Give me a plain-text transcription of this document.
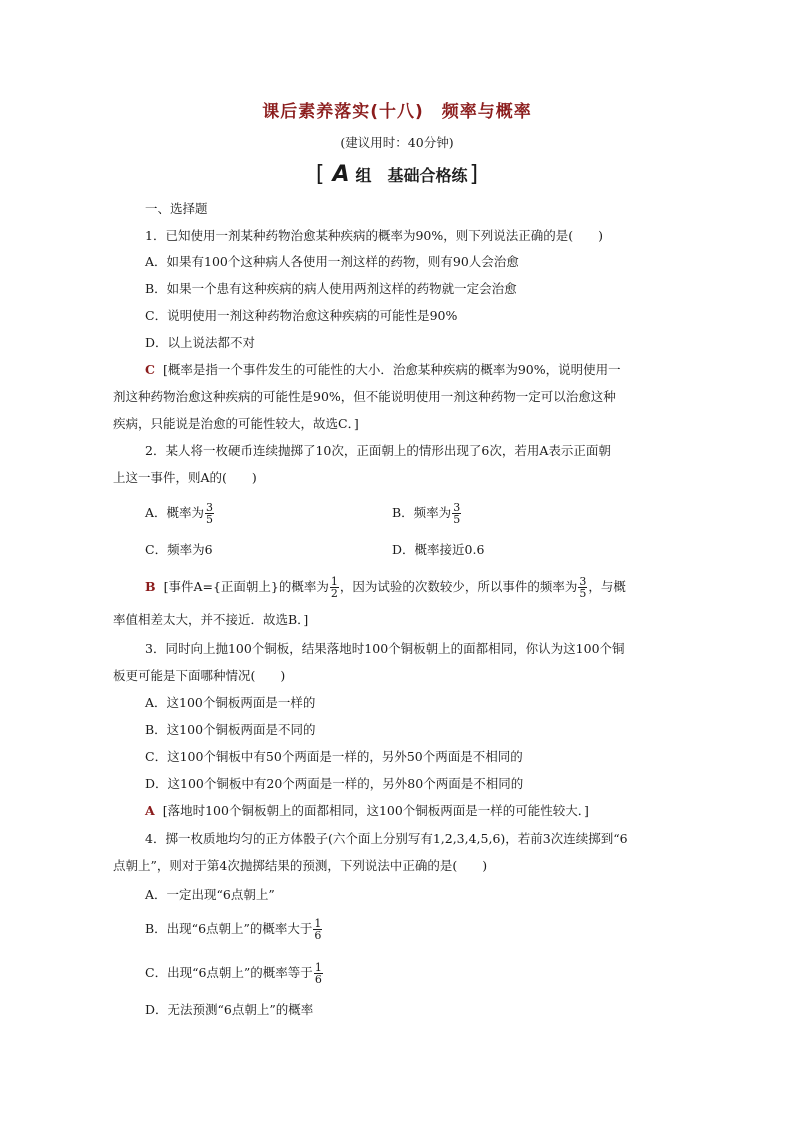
课后素养落实(十八)　频率与概率
(建议用时：40分钟)
[ A 组 基础合格练 ]
一、选择题
1．已知使用一剂某种药物治愈某种疾病的概率为90%，则下列说法正确的是(　　)
A．如果有100个这种病人各使用一剂这样的药物，则有90人会治愈
B．如果一个患有这种疾病的病人使用两剂这样的药物就一定会治愈
C．说明使用一剂这种药物治愈这种疾病的可能性是90%
D．以上说法都不对
C [概率是指一个事件发生的可能性的大小．治愈某种疾病的概率为90%，说明使用一
剂这种药物治愈这种疾病的可能性是90%，但不能说明使用一剂这种药物一定可以治愈这种
疾病，只能说是治愈的可能性较大，故选C．]
2．某人将一枚硬币连续抛掷了10次，正面朝上的情形出现了6次，若用A表示正面朝
上这一事件，则A的(　　)
A．概率为 $\frac{3}{5}$	B．频率为 $\frac{3}{5}$
C．频率为6	D．概率接近0.6
B [事件A={正面朝上}的概率为 $\frac{1}{2}$ ，因为试验的次数较少，所以事件的频率为 $\frac{3}{5}$ ，与概
率值相差太大，并不接近．故选B．]
3．同时向上抛100个铜板，结果落地时100个铜板朝上的面都相同，你认为这100个铜
板更可能是下面哪种情况(　　)
A．这100个铜板两面是一样的
B．这100个铜板两面是不同的
C．这100个铜板中有50个两面是一样的，另外50个两面是不相同的
D．这100个铜板中有20个两面是一样的，另外80个两面是不相同的
A [落地时100个铜板朝上的面都相同，这100个铜板两面是一样的可能性较大．]
4．掷一枚质地均匀的正方体骰子(六个面上分别写有1,2,3,4,5,6)，若前3次连续掷到“6
点朝上”，则对于第4次抛掷结果的预测，下列说法中正确的是(　　)
A．一定出现“6点朝上”
B．出现“6点朝上”的概率大于 $\frac{1}{6}$
C．出现“6点朝上”的概率等于 $\frac{1}{6}$
D．无法预测“6点朝上”的概率
